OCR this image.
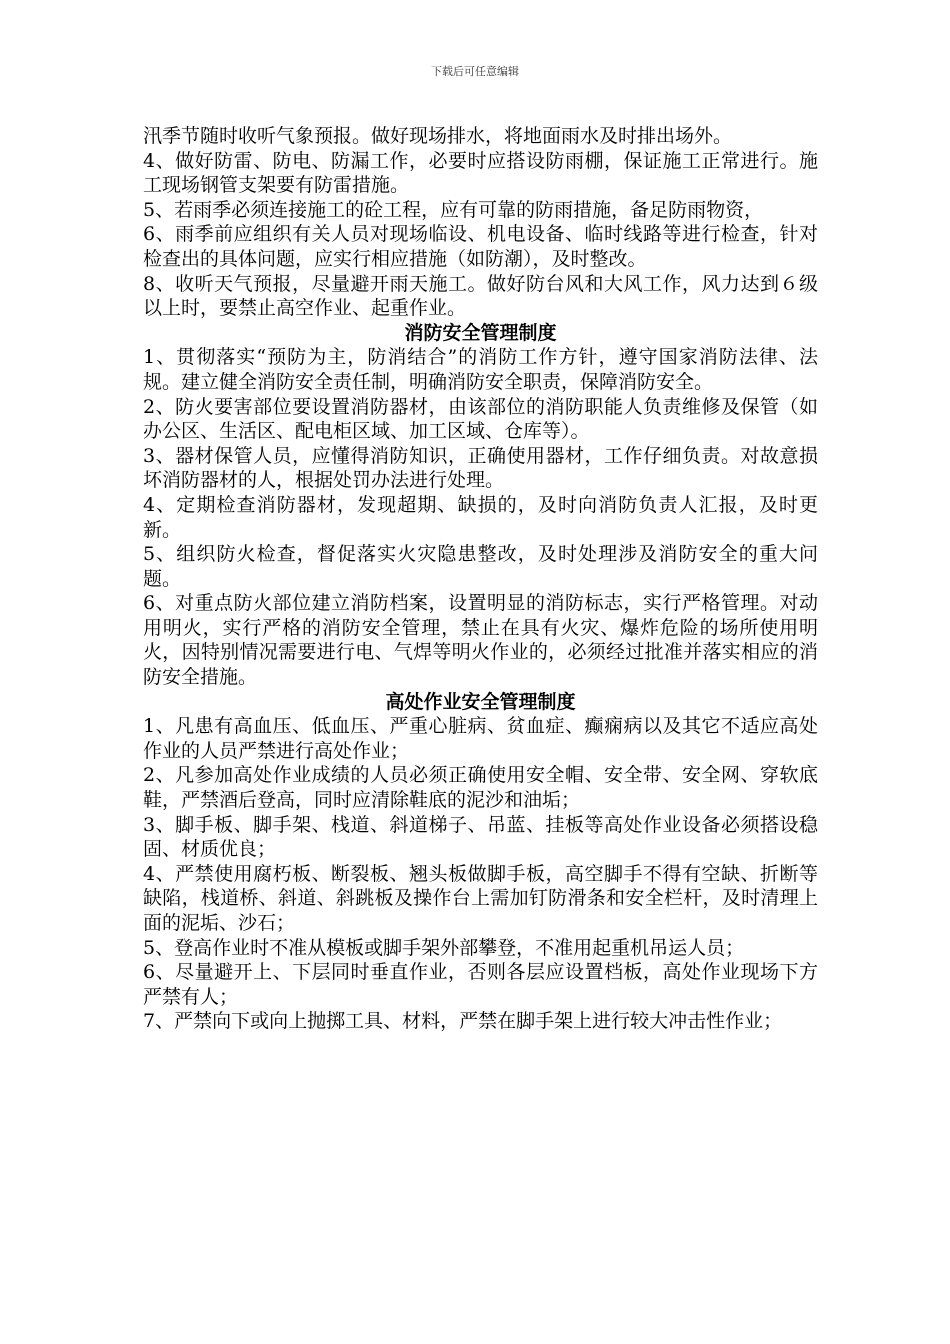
下载后可任意编辑

汛季节随时收听气象预报。做好现场排水，将地面雨水及时排出场外。

4、做好防雷、防电、防漏工作，必要时应搭设防雨棚，保证施工正常进行。施工现场钢管支架要有防雷措施。

5、若雨季必须连接施工的砼工程，应有可靠的防雨措施，备足防雨物资，

6、雨季前应组织有关人员对现场临设、机电设备、临时线路等进行检查，针对检查出的具体问题，应实行相应措施（如防潮），及时整改。

8、收听天气预报，尽量避开雨天施工。做好防台风和大风工作，风力达到６级以上时，要禁止高空作业、起重作业。

消防安全管理制度

1、贯彻落实“预防为主，防消结合”的消防工作方针，遵守国家消防法律、法规。建立健全消防安全责任制，明确消防安全职责，保障消防安全。

2、防火要害部位要设置消防器材，由该部位的消防职能人负责维修及保管（如办公区、生活区、配电柜区域、加工区域、仓库等）。

3、器材保管人员，应懂得消防知识，正确使用器材，工作仔细负责。对故意损坏消防器材的人，根据处罚办法进行处理。

4、定期检查消防器材，发现超期、缺损的，及时向消防负责人汇报，及时更新。

5、组织防火检查，督促落实火灾隐患整改，及时处理涉及消防安全的重大问题。

6、对重点防火部位建立消防档案，设置明显的消防标志，实行严格管理。对动用明火，实行严格的消防安全管理，禁止在具有火灾、爆炸危险的场所使用明火，因特别情况需要进行电、气焊等明火作业的，必须经过批准并落实相应的消防安全措施。

高处作业安全管理制度

1、凡患有高血压、低血压、严重心脏病、贫血症、癫痫病以及其它不适应高处作业的人员严禁进行高处作业；

2、凡参加高处作业成绩的人员必须正确使用安全帽、安全带、安全网、穿软底鞋，严禁酒后登高，同时应清除鞋底的泥沙和油垢；

3、脚手板、脚手架、栈道、斜道梯子、吊蓝、挂板等高处作业设备必须搭设稳固、材质优良；

4、严禁使用腐朽板、断裂板、翘头板做脚手板，高空脚手不得有空缺、折断等缺陷，栈道桥、斜道、斜跳板及操作台上需加钉防滑条和安全栏杆，及时清理上面的泥垢、沙石；

5、登高作业时不准从模板或脚手架外部攀登，不准用起重机吊运人员；

6、尽量避开上、下层同时垂直作业，否则各层应设置档板，高处作业现场下方严禁有人；

7、严禁向下或向上抛掷工具、材料，严禁在脚手架上进行较大冲击性作业；
